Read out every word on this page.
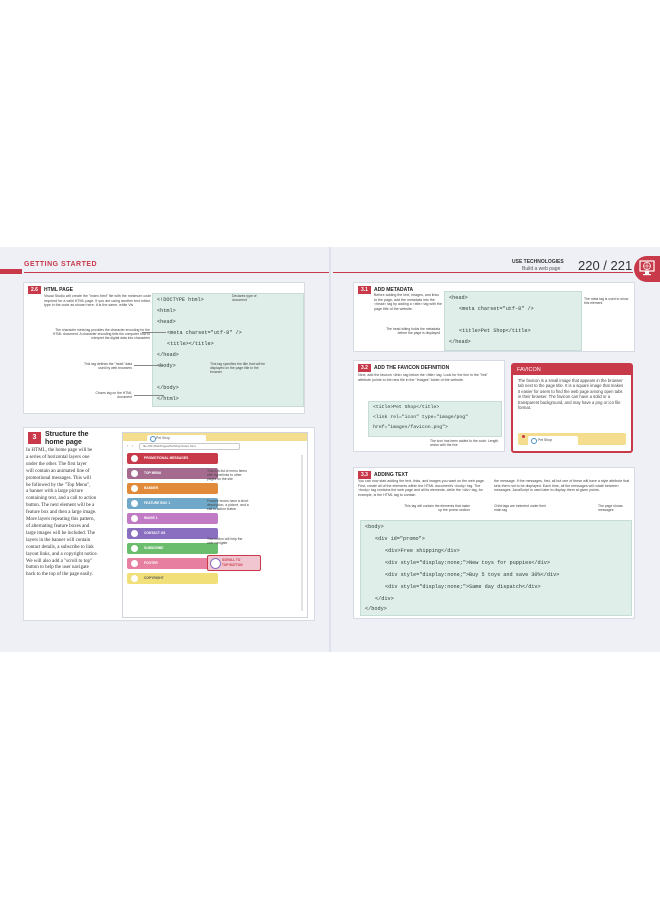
GETTING STARTED	USE TECHNOLOGIES
Build a web page 220 / 221
2.6	HTML PAGE
Visual Studio will create the "index.html" file with the minimum code required for a valid HTML page. If you are using another text editor, type in the code as shown here. It is the same, while Vis
<!DOCTYPE html>
<html>
<head>
<meta charset="utf-8" />
<title></title>
</head>
<body>
</body>
</html>
Declares type of document
The character meta tag provides the character encoding for the HTML document. A character encoding tells the computer how to interpret the digital data into characters
This tag defines the "head" data used by web browsers
This tag specifies the title that will be displayed on the page title in the browser
Closes tag on the HTML document
3	Structure the
home page
In HTML, the home page will be
a series of horizontal layers one
under the other. The first layer
will contain an animated line of
promotional messages. This will
be followed by the "Top Menu",
a banner with a large picture
containing text, and a call to action
button. The next element will be a
feature box and then a large image.
More layers repeating this pattern,
of alternating feature boxes and
large images will be included. The
layers in the banner will contain
contact details, a subscribe to link
layout links, and a copyright notice.
We will also add a "scroll to top"
button to help the user navigate
back to the top of the page easily.
Pet Shop
‹ ›	file:///D:/WebPages/PetShop/Index.html
PROMOTIONAL MESSAGES
TOP MENU
BANNER
FEATURE BOX 1
IMAGE 1
CONTACT US
SUBSCRIBE
FOOTER
COPYRIGHT
This is a list of menu items with hyperlinks to other pages on the site
Feature boxes have a short description, a picture, and a call to action button
This button will help the user navigate
SCROLL TO
TOP BUTTON
3.1	ADD METADATA
Before adding the text, images, and links to the page, add the metadata into the <head> tag by adding a <title> tag with the page title of the website.
The head sitting holds the metadata before the page is displayed
<head>
<meta charset="utf-8" />
<title>Pet Shop</title>
</head>
The meta tag is used to show this element
3.2	ADD THE FAVICON DEFINITION
Next, add the favicon <link> tag below the <title> tag. Look for the line in the "link" attribute points to the new file in the "images" folder of the website.
<title>Pet Shop</title>
<link rel="icon" type="image/png"
href="images/favicon.png">
The icon has been added to the code. Length works with the line
FAVICON
The favicon is a small image that appears in the browser tab next to the page title. It is a square image that makes it easier for users to find the web page among open tabs in their browser. The favicon can have a solid or a transparent background, and may have a png or ico file format.
Pet Shop
3.3	ADDING TEXT
You can now start adding the text, links, and images you want on the web page. First, create all of the elements within the HTML document's <body> tag. The <body> tag contains the web page and all its elements, while the <div> tag, for example, is the HTML tag to contain
the message. If the messages, first, all but one of these will have a style attribute that sets them not to be displayed. Each time, all the messages will rotate between messages. JavaScript is used later to display them at given points.
This tag will contain the elements that make up the promo section
Child tags are indented under their main tag
The page shows messages
<body>
<div id="promo">
<div>Free shipping</div>
<div style="display:none;">New toys for puppies</div>
<div style="display:none;">Buy 5 toys and save 30%</div>
<div style="display:none;">Same day dispatch</div>
</div>
</body>
